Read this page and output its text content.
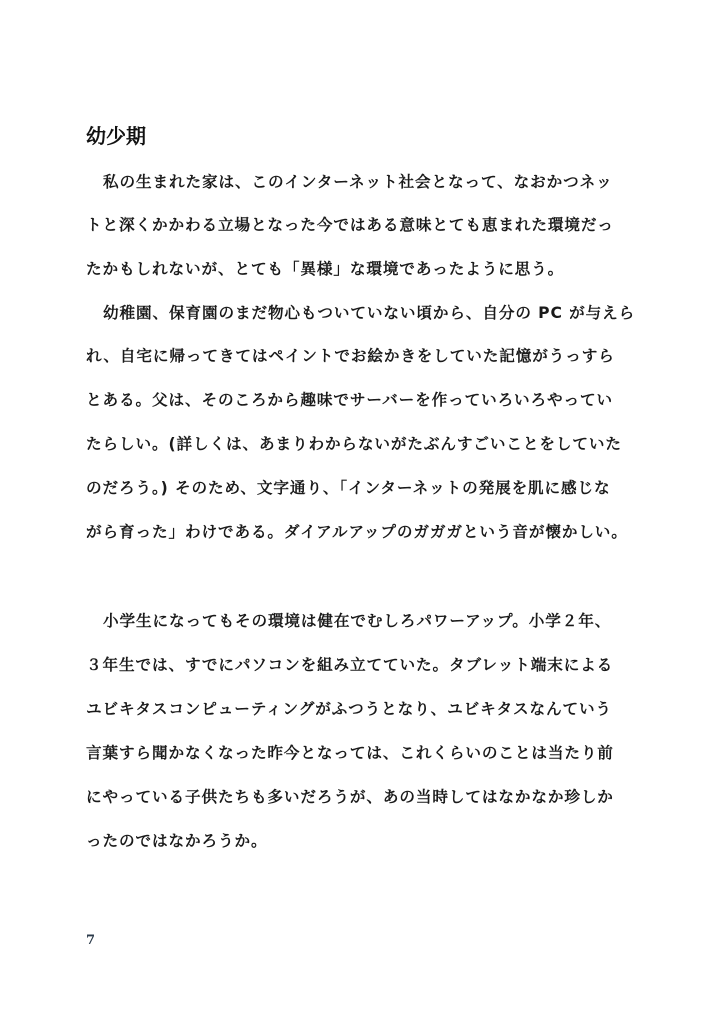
幼少期
私の生まれた家は、このインターネット社会となって、なおかつネッ
トと深くかかわる立場となった今ではある意味とても恵まれた環境だっ
たかもしれないが、とても「異様」な環境であったように思う。
幼稚園、保育園のまだ物心もついていない頃から、自分の PC が与えら
れ、自宅に帰ってきてはペイントでお絵かきをしていた記憶がうっすら
とある。父は、そのころから趣味でサーバーを作っていろいろやってい
たらしい。(詳しくは、あまりわからないがたぶんすごいことをしていた
のだろう。) そのため、文字通り、「インターネットの発展を肌に感じな
がら育った」わけである。ダイアルアップのガガガという音が懐かしい。
小学生になってもその環境は健在でむしろパワーアップ。小学２年、
３年生では、すでにパソコンを組み立てていた。タブレット端末による
ユビキタスコンピューティングがふつうとなり、ユビキタスなんていう
言葉すら聞かなくなった昨今となっては、これくらいのことは当たり前
にやっている子供たちも多いだろうが、あの当時してはなかなか珍しか
ったのではなかろうか。
7
